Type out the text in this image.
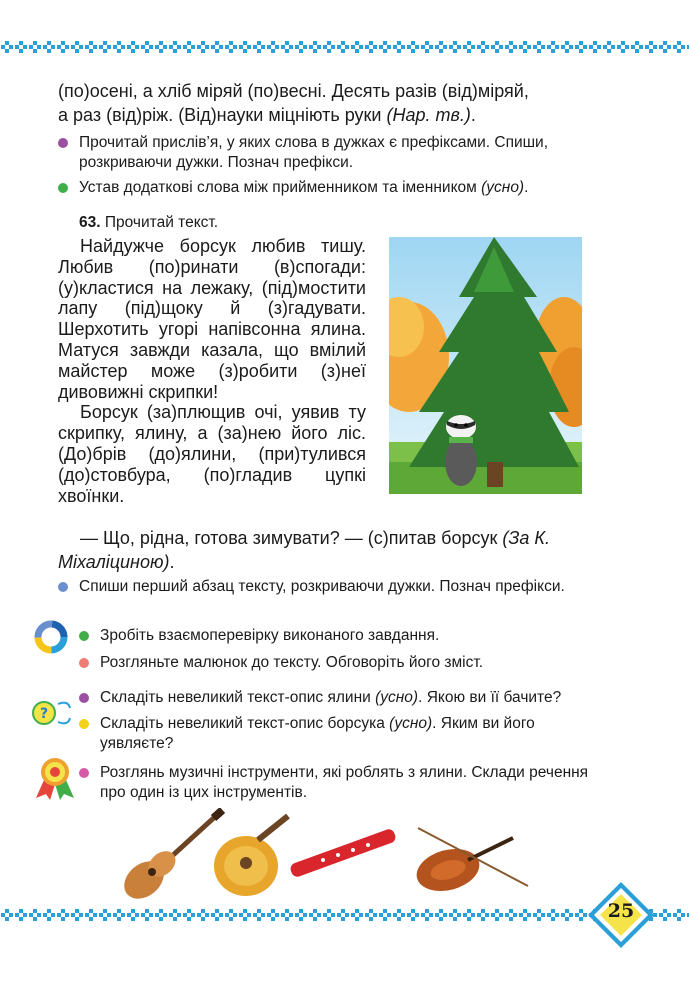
(по)осені, а хліб міряй (по)весні. Десять разів (від)міряй,
а раз (від)ріж. (Від)науки міцніють руки (Нар. тв.).
Прочитай прислів’я, у яких слова в дужках є префіксами. Спиши, розкриваючи дужки. Познач префікси.
Устав додаткові слова між прийменником та іменником (усно).
63. Прочитай текст.

Найдужче борсук любив тишу. Любив (по)ринати (в)спогади: (у)кластися на лежаку, (під)мостити лапу (під)щоку й (з)гадувати. Шерхотить угорі напівсонна ялина. Матуся завжди казала, що вмілий майстер може (з)робити (з)неї дивовижні скрипки!

Борсук (за)плющив очі, уявив ту скрипку, ялину, а (за)нею його ліс. (До)брів (до)ялини, (при)тулився (до)стовбура, (по)гладив цупкі хвоїнки.

— Що, рідна, готова зимувати? — (с)питав борсук (За К. Міхаліциною).
Спиши перший абзац тексту, розкриваючи дужки. Познач префікси.
Зробіть взаємоперевірку виконаного завдання.
Розгляньте малюнок до тексту. Обговоріть його зміст.
?
Складіть невеликий текст-опис ялини (усно). Якою ви її бачите?
Складіть невеликий текст-опис борсука (усно). Яким ви його уявляєте?
Розглянь музичні інструменти, які роблять з ялини. Склади речення про один із цих інструментів.
25
